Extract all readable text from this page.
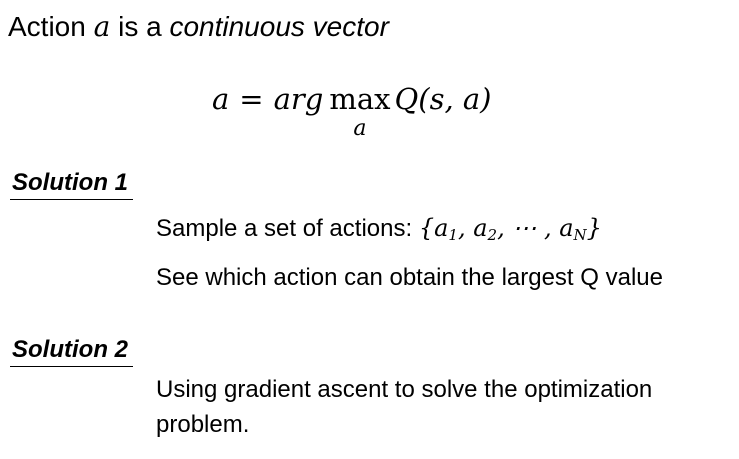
Action a is a continuous vector
a = arg max
a
Q(s, a)
Solution 1
Sample a set of actions: {$a_1$, $a_2$, ⋯ , $a_N$}
See which action can obtain the largest Q value
Solution 2
Using gradient ascent to solve the optimization
problem.
